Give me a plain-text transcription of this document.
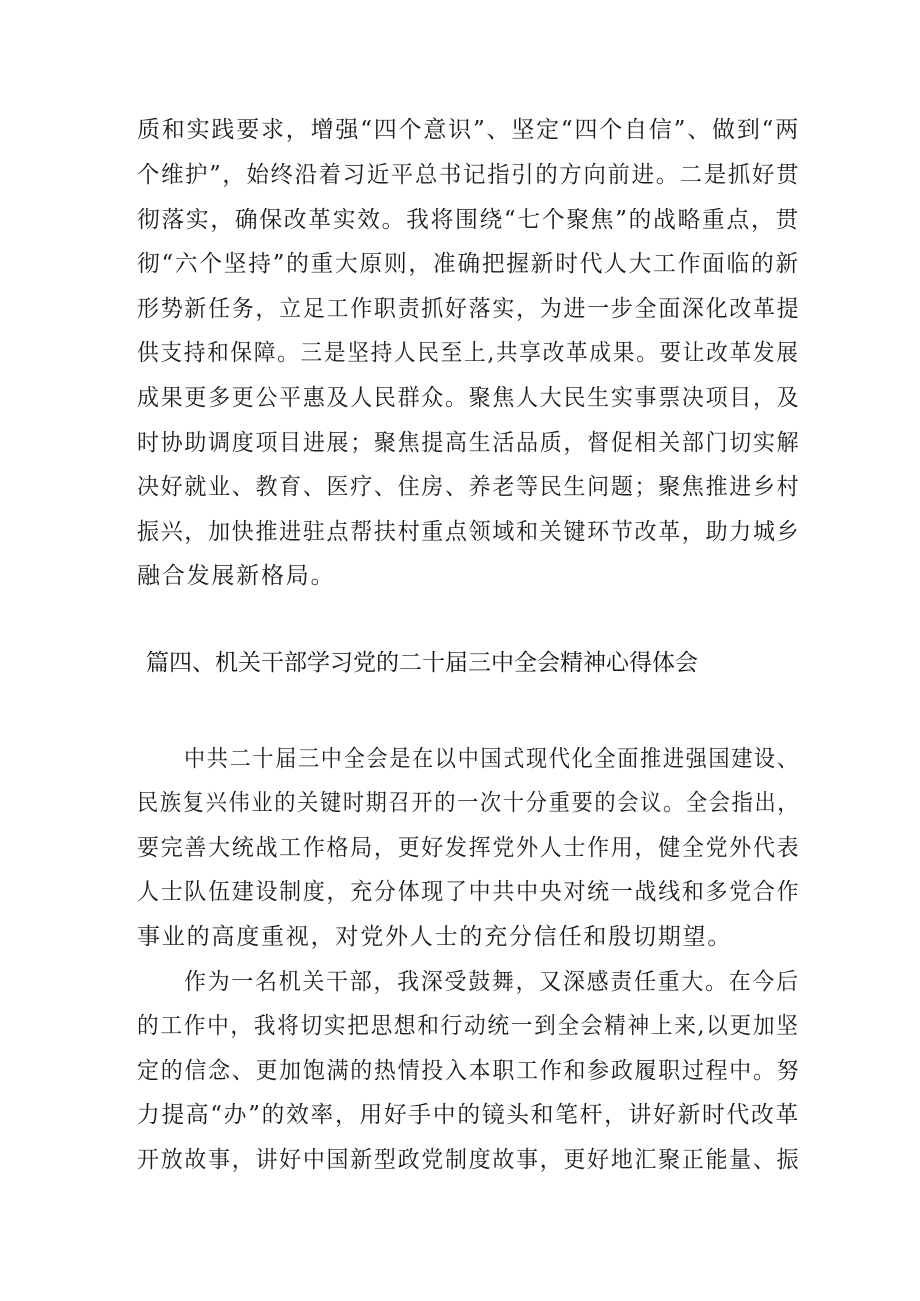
质和实践要求，增强“四个意识”、坚定“四个自信”、做到“两
个维护”，始终沿着习近平总书记指引的方向前进。二是抓好贯
彻落实，确保改革实效。我将围绕“七个聚焦”的战略重点，贯
彻“六个坚持”的重大原则，准确把握新时代人大工作面临的新
形势新任务，立足工作职责抓好落实，为进一步全面深化改革提
供支持和保障。三是坚持人民至上,共享改革成果。要让改革发展
成果更多更公平惠及人民群众。聚焦人大民生实事票决项目，及
时协助调度项目进展；聚焦提高生活品质，督促相关部门切实解
决好就业、教育、医疗、住房、养老等民生问题；聚焦推进乡村
振兴，加快推进驻点帮扶村重点领域和关键环节改革，助力城乡
融合发展新格局。
篇四、机关干部学习党的二十届三中全会精神心得体会
中共二十届三中全会是在以中国式现代化全面推进强国建设、
民族复兴伟业的关键时期召开的一次十分重要的会议。全会指出，
要完善大统战工作格局，更好发挥党外人士作用，健全党外代表
人士队伍建设制度，充分体现了中共中央对统一战线和多党合作
事业的高度重视，对党外人士的充分信任和殷切期望。
作为一名机关干部，我深受鼓舞，又深感责任重大。在今后
的工作中，我将切实把思想和行动统一到全会精神上来,以更加坚
定的信念、更加饱满的热情投入本职工作和参政履职过程中。努
力提高“办”的效率，用好手中的镜头和笔杆，讲好新时代改革
开放故事，讲好中国新型政党制度故事，更好地汇聚正能量、振
